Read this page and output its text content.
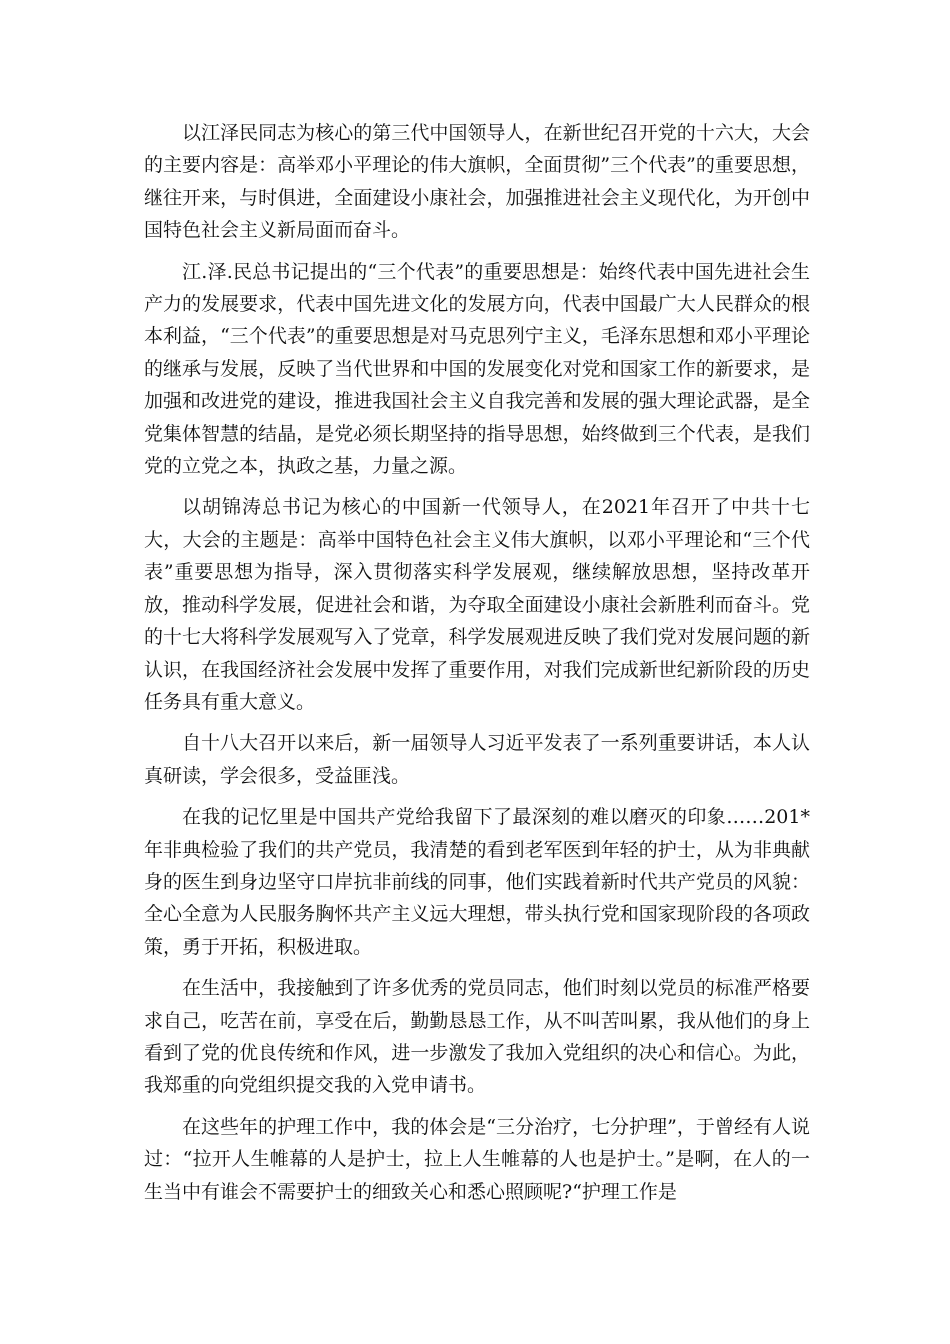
以江泽民同志为核心的第三代中国领导人，在新世纪召开党的十六大，大会的主要内容是：高举邓小平理论的伟大旗帜，全面贯彻”三个代表”的重要思想，继往开来，与时俱进，全面建设小康社会，加强推进社会主义现代化，为开创中国特色社会主义新局面而奋斗。

江.泽.民总书记提出的“三个代表”的重要思想是：始终代表中国先进社会生产力的发展要求，代表中国先进文化的发展方向，代表中国最广大人民群众的根本利益，“三个代表”的重要思想是对马克思列宁主义，毛泽东思想和邓小平理论的继承与发展，反映了当代世界和中国的发展变化对党和国家工作的新要求，是加强和改进党的建设，推进我国社会主义自我完善和发展的强大理论武器，是全党集体智慧的结晶，是党必须长期坚持的指导思想，始终做到三个代表，是我们党的立党之本，执政之基，力量之源。

以胡锦涛总书记为核心的中国新一代领导人，在2021年召开了中共十七大，大会的主题是：高举中国特色社会主义伟大旗帜，以邓小平理论和“三个代表”重要思想为指导，深入贯彻落实科学发展观，继续解放思想，坚持改革开放，推动科学发展，促进社会和谐，为夺取全面建设小康社会新胜利而奋斗。党的十七大将科学发展观写入了党章，科学发展观进反映了我们党对发展问题的新认识，在我国经济社会发展中发挥了重要作用，对我们完成新世纪新阶段的历史任务具有重大意义。

自十八大召开以来后，新一届领导人习近平发表了一系列重要讲话，本人认真研读，学会很多，受益匪浅。

在我的记忆里是中国共产党给我留下了最深刻的难以磨灭的印象……201*年非典检验了我们的共产党员，我清楚的看到老军医到年轻的护士，从为非典献身的医生到身边坚守口岸抗非前线的同事，他们实践着新时代共产党员的风貌：全心全意为人民服务胸怀共产主义远大理想，带头执行党和国家现阶段的各项政策，勇于开拓，积极进取。

在生活中，我接触到了许多优秀的党员同志，他们时刻以党员的标准严格要求自己，吃苦在前，享受在后，勤勤恳恳工作，从不叫苦叫累，我从他们的身上看到了党的优良传统和作风，进一步激发了我加入党组织的决心和信心。为此，我郑重的向党组织提交我的入党申请书。

在这些年的护理工作中，我的体会是“三分治疗，七分护理”，于曾经有人说过：“拉开人生帷幕的人是护士，拉上人生帷幕的人也是护士。”是啊，在人的一生当中有谁会不需要护士的细致关心和悉心照顾呢?“护理工作是
